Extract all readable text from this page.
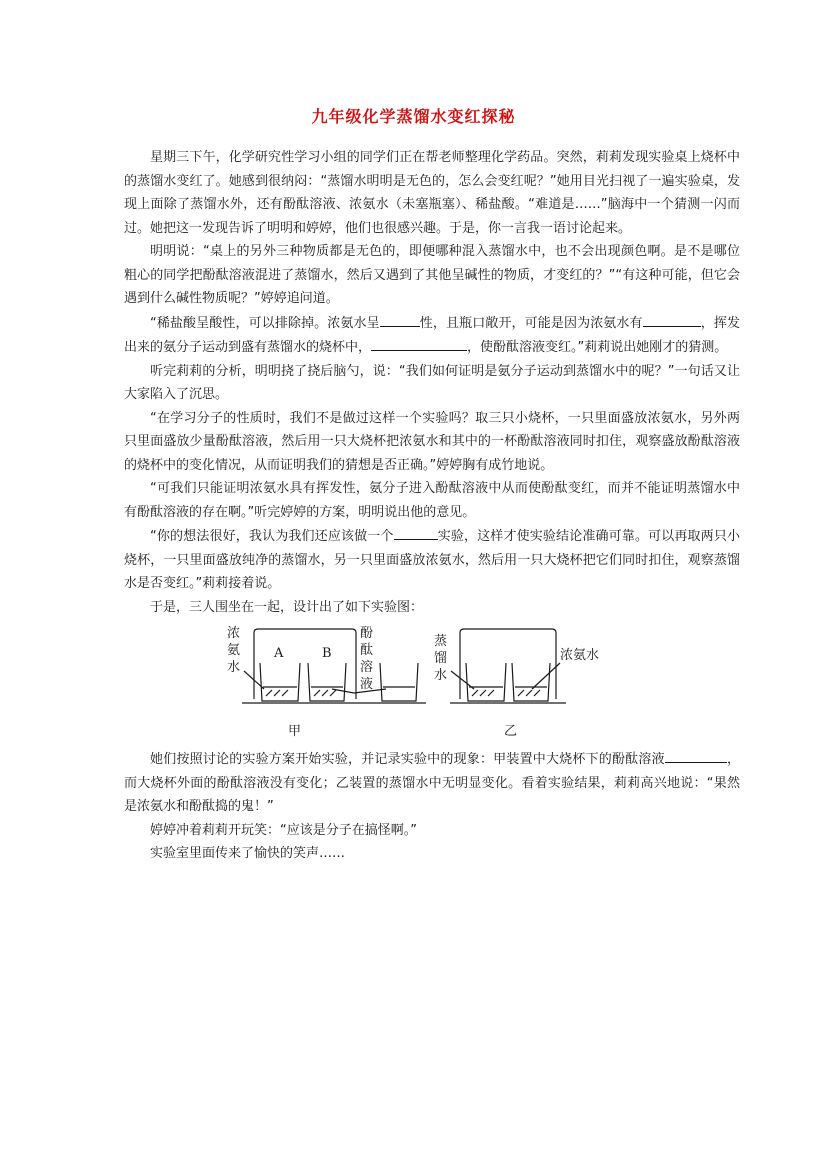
九年级化学蒸馏水变红探秘

星期三下午，化学研究性学习小组的同学们正在帮老师整理化学药品。突然，莉莉发现实验桌上烧杯中的蒸馏水变红了。她感到很纳闷：“蒸馏水明明是无色的，怎么会变红呢？”她用目光扫视了一遍实验桌，发现上面除了蒸馏水外，还有酚酞溶液、浓氨水（未塞瓶塞）、稀盐酸。“难道是……”脑海中一个猜测一闪而过。她把这一发现告诉了明明和婷婷，他们也很感兴趣。于是，你一言我一语讨论起来。

明明说：“桌上的另外三种物质都是无色的，即便哪种混入蒸馏水中，也不会出现颜色啊。是不是哪位粗心的同学把酚酞溶液混进了蒸馏水，然后又遇到了其他呈碱性的物质，才变红的？”“有这种可能，但它会遇到什么碱性物质呢？”婷婷追问道。

“稀盐酸呈酸性，可以排除掉。浓氨水呈	性，且瓶口敞开，可能是因为浓氨水有	，挥发出来的氨分子运动到盛有蒸馏水的烧杯中，	，使酚酞溶液变红。”莉莉说出她刚才的猜测。

听完莉莉的分析，明明挠了挠后脑勺，说：“我们如何证明是氨分子运动到蒸馏水中的呢？”一句话又让大家陷入了沉思。

“在学习分子的性质时，我们不是做过这样一个实验吗？取三只小烧杯，一只里面盛放浓氨水，另外两只里面盛放少量酚酞溶液，然后用一只大烧杯把浓氨水和其中的一杯酚酞溶液同时扣住，观察盛放酚酞溶液的烧杯中的变化情况，从而证明我们的猜想是否正确。”婷婷胸有成竹地说。

“可我们只能证明浓氨水具有挥发性，氨分子进入酚酞溶液中从而使酚酞变红，而并不能证明蒸馏水中有酚酞溶液的存在啊。”听完婷婷的方案，明明说出他的意见。

“你的想法很好，我认为我们还应该做一个	实验，这样才使实验结论准确可靠。可以再取两只小烧杯，一只里面盛放纯净的蒸馏水，另一只里面盛放浓氨水，然后用一只大烧杯把它们同时扣住，观察蒸馏水是否变红。”莉莉接着说。

于是，三人围坐在一起，设计出了如下实验图：

浓
氨
水
A	B
酚
酞
溶
液
甲
蒸
馏
水
浓氨水
乙

她们按照讨论的实验方案开始实验，并记录实验中的现象：甲装置中大烧杯下的酚酞溶液	，而大烧杯外面的酚酞溶液没有变化；乙装置的蒸馏水中无明显变化。看着实验结果，莉莉高兴地说：“果然是浓氨水和酚酞捣的鬼！”

婷婷冲着莉莉开玩笑：“应该是分子在搞怪啊。”

实验室里面传来了愉快的笑声……
